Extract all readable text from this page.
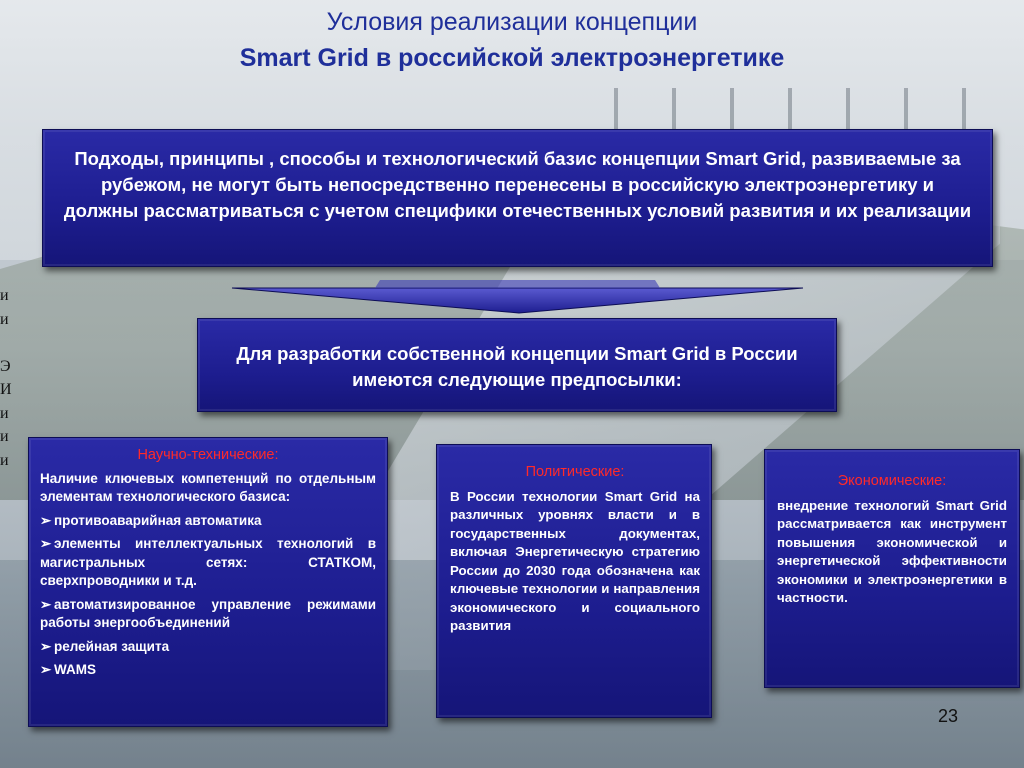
и
и

Э
И
и
и
и
Условия реализации концепции
Smart Grid в российской электроэнергетике
Подходы, принципы , способы и технологический базис концепции Smart Grid, развиваемые за рубежом, не могут быть непосредственно перенесены в российскую электроэнергетику и должны рассматриваться с учетом специфики отечественных условий развития и их реализации
Для разработки собственной концепции Smart Grid в России имеются следующие предпосылки:
Научно-технические:

Наличие ключевых компетенций по отдельным элементам технологического базиса:

➢ противоаварийная автоматика

➢ элементы интеллектуальных технологий в магистральных сетях: СТАТКОМ, сверхпроводники и т.д.

➢ автоматизированное управление режимами работы энергообъединений

➢ релейная защита

➢ WAMS

Политические:

В России технологии Smart Grid на различных уровнях власти и в государственных документах, включая Энергетическую стратегию России до 2030 года обозначена как ключевые технологии и направления экономического и социального развития

Экономические:

внедрение технологий Smart Grid рассматривается как инструмент повышения экономической и энергетической эффективности экономики и электроэнергетики в частности.

23
